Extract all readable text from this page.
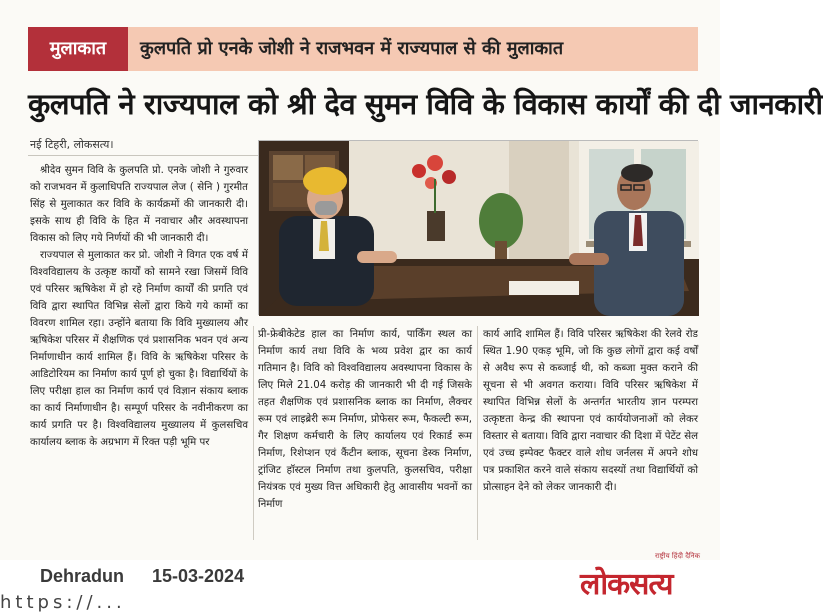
मुलाकात	कुलपति प्रो एनके जोशी ने राजभवन में राज्यपाल से की मुलाकात
कुलपति ने राज्यपाल को श्री देव सुमन विवि के विकास कार्यों की दी जानकारी
नई टिहरी, लोकसत्य।

श्रीदेव सुमन विवि के कुलपति प्रो. एनके जोशी ने गुरुवार को राजभवन में कुलाधिपति राज्यपाल लेज ( सेनि ) गुरमीत सिंह से मुलाकात कर विवि के कार्यक्रमों की जानकारी दी। इसके साथ ही विवि के हित में नवाचार और अवस्थापना विकास को लिए गये निर्णयों की भी जानकारी दी।

राज्यपाल से मुलाकात कर प्रो. जोशी ने विगत एक वर्ष में विश्वविद्यालय के उत्कृष्ट कार्यों को सामने रखा जिसमें विवि एवं परिसर ऋषिकेश में हो रहे निर्माण कार्यों की प्रगति एवं विवि द्वारा स्थापित विभिन्न सेलों द्वारा किये गये कामों का विवरण शामिल रहा। उन्होंने बताया कि विवि मुख्यालय और ऋषिकेश परिसर में शैक्षणिक एवं प्रशासनिक भवन एवं अन्य निर्माणाधीन कार्य शामिल हैं। विवि के ऋषिकेश परिसर के आडिटोरियम का निर्माण कार्य पूर्ण हो चुका है। विद्यार्थियों के लिए परीक्षा हाल का निर्माण कार्य एवं विज्ञान संकाय ब्लाक का कार्य निर्माणाधीन है। सम्पूर्ण परिसर के नवीनीकरण का कार्य प्रगति पर है। विश्वविद्यालय मुख्यालय में कुलसचिव कार्यालय ब्लाक के अग्रभाग में रिक्त पड़ी भूमि पर

प्री-फ्रेबीकेटेड हाल का निर्माण कार्य, पार्किंग स्थल का निर्माण कार्य तथा विवि के भव्य प्रवेश द्वार का कार्य गतिमान है। विवि को विश्वविद्यालय अवस्थापना विकास के लिए मिले 21.04 करोड़ की जानकारी भी दी गई जिसके तहत शैक्षणिक एवं प्रशासनिक ब्लाक का निर्माण, लैक्चर रूम एवं लाइब्रेरी रूम निर्माण, प्रोफेसर रूम, फैकल्टी रूम, गैर शिक्षण कर्मचारी के लिए कार्यालय एवं रिकार्ड रूम निर्माण, रिशेप्शन एवं कैंटीन ब्लाक, सूचना डेस्क निर्माण, ट्रांजिट हॉस्टल निर्माण तथा कुलपति, कुलसचिव, परीक्षा नियंत्रक एवं मुख्य वित्त अधिकारी हेतु आवासीय भवनों का निर्माण

कार्य आदि शामिल हैं। विवि परिसर ऋषिकेश की रेलवे रोड स्थित 1.90 एकड़ भूमि, जो कि कुछ लोगों द्वारा कई वर्षों से अवैध रूप से कब्जाई थी, को कब्जा मुक्त कराने की सूचना से भी अवगत कराया। विवि परिसर ऋषिकेश में स्थापित विभिन्न सेलों के अन्तर्गत भारतीय ज्ञान परम्परा उत्कृष्टता केन्द्र की स्थापना एवं कार्ययोजनाओं को लेकर विस्तार से बताया। विवि द्वारा नवाचार की दिशा में पेटेंट सेल एवं उच्च इम्पेक्ट फैक्टर वाले शोध जर्नलस में अपने शोध पत्र प्रकाशित करने वाले संकाय सदस्यों तथा विद्यार्थियों को प्रोत्साहन देने को लेकर जानकारी दी।

Dehradun 15-03-2024
https://...
राष्ट्रीय हिंदी दैनिक
लोकसत्य
